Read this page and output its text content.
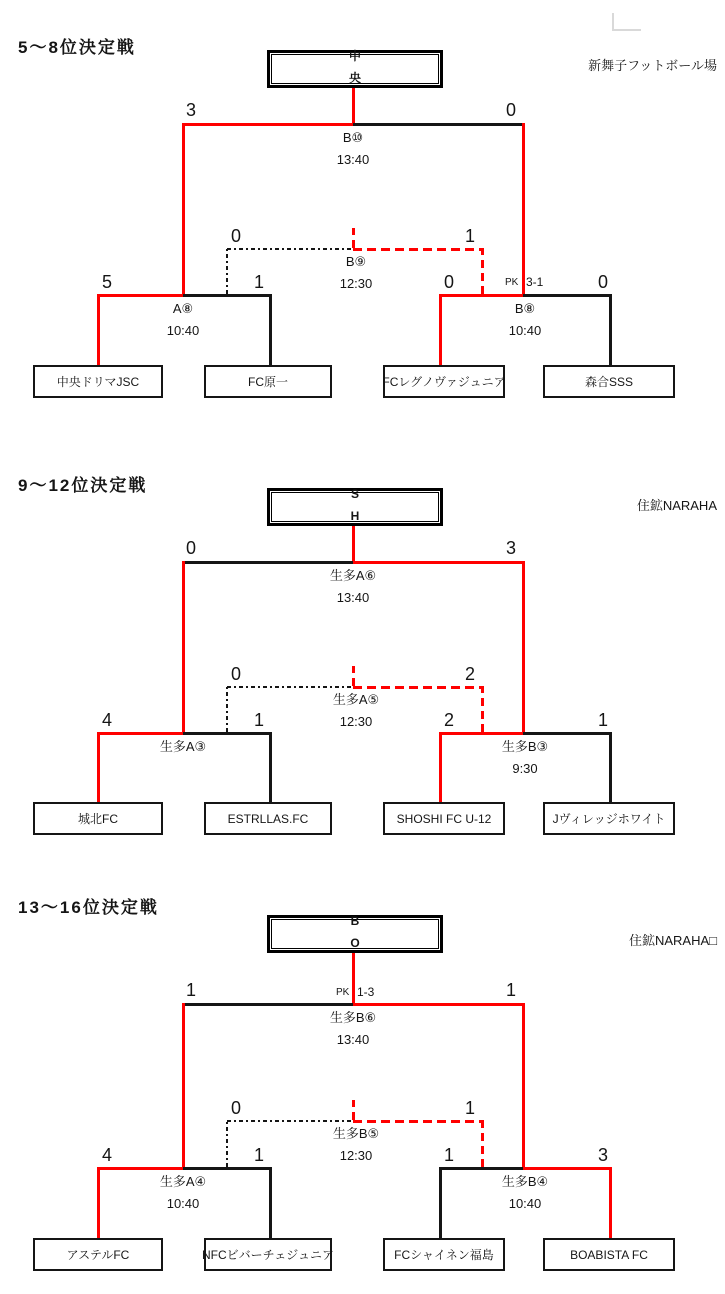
5～8位決定戦
新舞子フットボール場
中
央
3	0
B⑩
13:40
0	1
B⑨
12:30
5	1
A⑧
10:40
0	0
PK 3-1
B⑧
10:40
中央ドリマJSC	FC原一	FCレグノヴァジュニア	森合SSS
9～12位決定戦
住鉱NARAHA
S
H
0	3
生多A⑥
13:40
0	2
生多A⑤
12:30
4	1
生多A③
2	1
生多B③
9:30
城北FC	ESTRLLAS.FC	SHOSHI FC U-12	Jヴィレッジホワイト
13～16位決定戦
住鉱NARAHA□
B
O
1	1
PK 1-3
生多B⑥
13:40
0	1
生多B⑤
12:30
4	1
生多A④
10:40
1	3
生多B④
10:40
アステルFC	NFCビバーチェジュニア	FCシャイネン福島	BOABISTA FC
